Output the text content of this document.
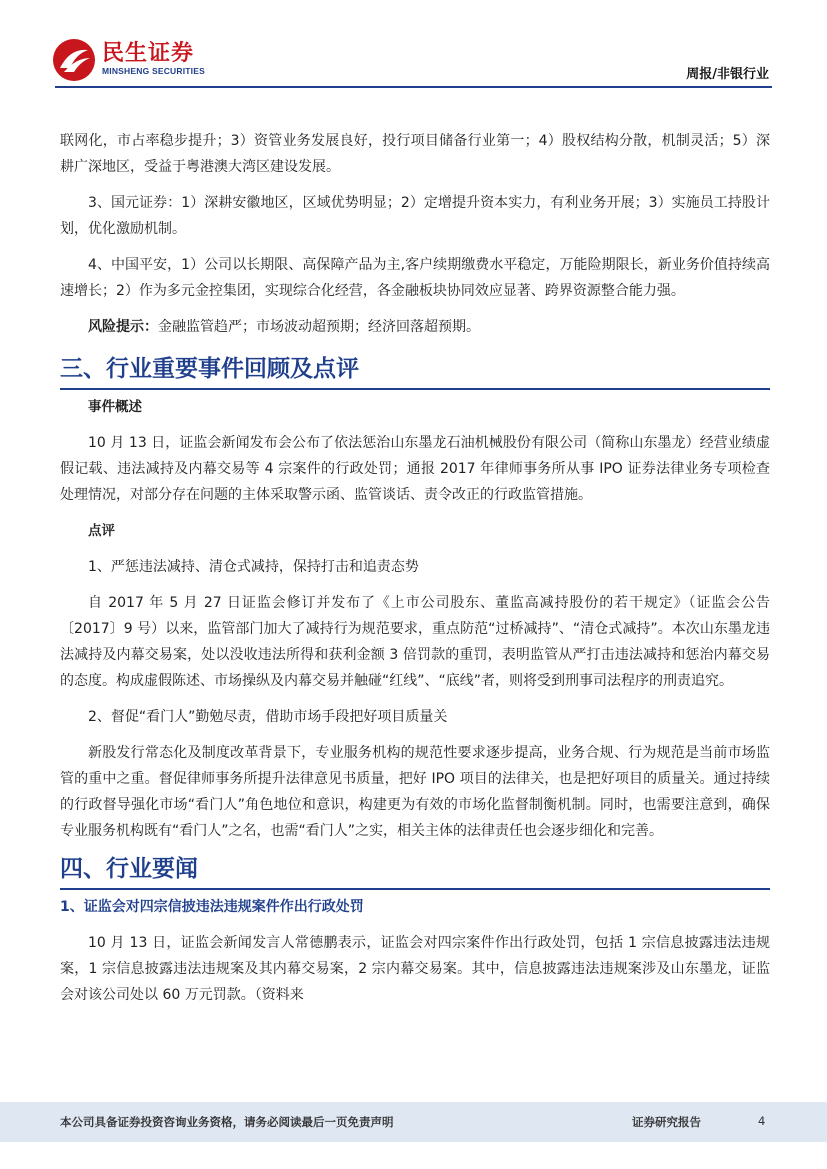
民生证券
MINSHENG SECURITIES	周报/非银行业

联网化，市占率稳步提升；3）资管业务发展良好，投行项目储备行业第一；4）股权结构分散，机制灵活；5）深耕广深地区，受益于粤港澳大湾区建设发展。

3、国元证券：1）深耕安徽地区，区域优势明显；2）定增提升资本实力，有利业务开展；3）实施员工持股计划，优化激励机制。

4、中国平安，1）公司以长期限、高保障产品为主,客户续期缴费水平稳定，万能险期限长，新业务价值持续高速增长；2）作为多元金控集团，实现综合化经营，各金融板块协同效应显著、跨界资源整合能力强。

风险提示：金融监管趋严；市场波动超预期；经济回落超预期。

三、行业重要事件回顾及点评

事件概述

10 月 13 日，证监会新闻发布会公布了依法惩治山东墨龙石油机械股份有限公司（简称山东墨龙）经营业绩虚假记载、违法减持及内幕交易等 4 宗案件的行政处罚；通报 2017 年律师事务所从事 IPO 证券法律业务专项检查处理情况，对部分存在问题的主体采取警示函、监管谈话、责令改正的行政监管措施。

点评

1、严惩违法减持、清仓式减持，保持打击和追责态势

自 2017 年 5 月 27 日证监会修订并发布了《上市公司股东、董监高减持股份的若干规定》（证监会公告〔2017〕9 号）以来，监管部门加大了减持行为规范要求，重点防范“过桥减持”、“清仓式减持”。本次山东墨龙违法减持及内幕交易案，处以没收违法所得和获利金额 3 倍罚款的重罚，表明监管从严打击违法减持和惩治内幕交易的态度。构成虚假陈述、市场操纵及内幕交易并触碰“红线”、“底线”者，则将受到刑事司法程序的刑责追究。

2、督促“看门人”勤勉尽责，借助市场手段把好项目质量关

新股发行常态化及制度改革背景下，专业服务机构的规范性要求逐步提高，业务合规、行为规范是当前市场监管的重中之重。督促律师事务所提升法律意见书质量，把好 IPO 项目的法律关，也是把好项目的质量关。通过持续的行政督导强化市场“看门人”角色地位和意识，构建更为有效的市场化监督制衡机制。同时，也需要注意到，确保专业服务机构既有“看门人”之名，也需“看门人”之实，相关主体的法律责任也会逐步细化和完善。

四、行业要闻

1、证监会对四宗信披违法违规案件作出行政处罚

10 月 13 日，证监会新闻发言人常德鹏表示，证监会对四宗案件作出行政处罚，包括 1 宗信息披露违法违规案，1 宗信息披露违法违规案及其内幕交易案，2 宗内幕交易案。其中，信息披露违法违规案涉及山东墨龙，证监会对该公司处以 60 万元罚款。（资料来

本公司具备证券投资咨询业务资格，请务必阅读最后一页免责声明	证券研究报告	4
